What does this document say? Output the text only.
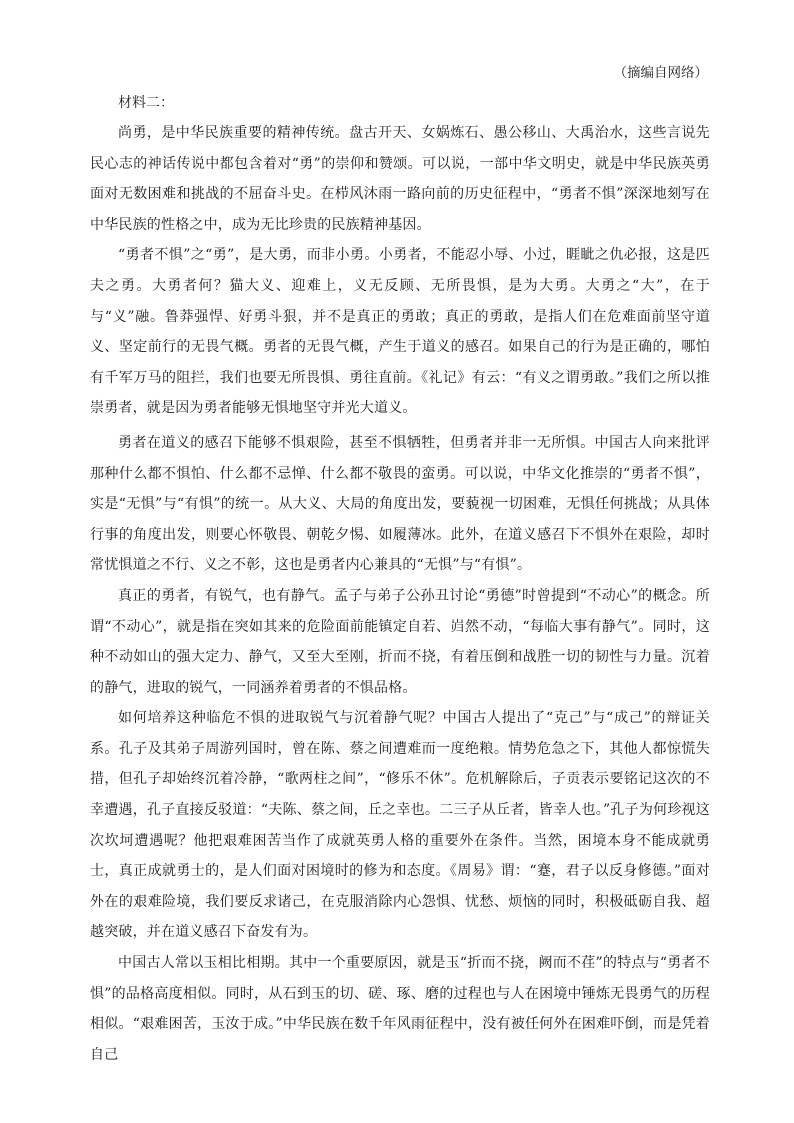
（摘编自网络）

材料二：

尚勇，是中华民族重要的精神传统。盘古开天、女娲炼石、愚公移山、大禹治水，这些言说先民心志的神话传说中都包含着对“勇”的崇仰和赞颂。可以说，一部中华文明史，就是中华民族英勇面对无数困难和挑战的不屈奋斗史。在栉风沐雨一路向前的历史征程中，“勇者不惧”深深地刻写在中华民族的性格之中，成为无比珍贵的民族精神基因。

“勇者不惧”之“勇”，是大勇，而非小勇。小勇者，不能忍小辱、小过，睚眦之仇必报，这是匹夫之勇。大勇者何？猫大义、迎难上，义无反顾、无所畏惧，是为大勇。大勇之“大”，在于与“义”融。鲁莽强悍、好勇斗狠，并不是真正的勇敢；真正的勇敢，是指人们在危难面前坚守道义、坚定前行的无畏气概。勇者的无畏气概，产生于道义的感召。如果自己的行为是正确的，哪怕有千军万马的阻拦，我们也要无所畏惧、勇往直前。《礼记》有云：“有义之谓勇敢。”我们之所以推崇勇者，就是因为勇者能够无惧地坚守并光大道义。

勇者在道义的感召下能够不惧艰险，甚至不惧牺牲，但勇者并非一无所惧。中国古人向来批评那种什么都不惧怕、什么都不忌惮、什么都不敬畏的蛮勇。可以说，中华文化推崇的“勇者不惧”，实是“无惧”与“有惧”的统一。从大义、大局的角度出发，要藐视一切困难，无惧任何挑战；从具体行事的角度出发，则要心怀敬畏、朝乾夕惕、如履薄冰。此外，在道义感召下不惧外在艰险，却时常忧惧道之不行、义之不彰，这也是勇者内心兼具的“无惧”与“有惧”。

真正的勇者，有锐气，也有静气。孟子与弟子公孙丑讨论“勇德”时曾提到“不动心”的概念。所谓“不动心”，就是指在突如其来的危险面前能镇定自若、岿然不动，“每临大事有静气”。同时，这种不动如山的强大定力、静气，又至大至刚，折而不挠，有着压倒和战胜一切的韧性与力量。沉着的静气，进取的锐气，一同涵养着勇者的不惧品格。

如何培养这种临危不惧的进取锐气与沉着静气呢？中国古人提出了“克己”与“成己”的辩证关系。孔子及其弟子周游列国时，曾在陈、蔡之间遭难而一度绝粮。情势危急之下，其他人都惊慌失措，但孔子却始终沉着冷静，“歌两柱之间”，“修乐不休”。危机解除后，子贡表示要铭记这次的不幸遭遇，孔子直接反驳道：“夫陈、蔡之间，丘之幸也。二三子从丘者，皆幸人也。”孔子为何珍视这次坎坷遭遇呢？他把艰难困苦当作了成就英勇人格的重要外在条件。当然，困境本身不能成就勇士，真正成就勇士的，是人们面对困境时的修为和态度。《周易》谓：“蹇，君子以反身修德。”面对外在的艰难险境，我们要反求诸己，在克服消除内心怨惧、忧愁、烦恼的同时，积极砥砺自我、超越突破，并在道义感召下奋发有为。

中国古人常以玉相比相期。其中一个重要原因，就是玉“折而不挠，阙而不荏”的特点与“勇者不惧”的品格高度相似。同时，从石到玉的切、磋、琢、磨的过程也与人在困境中锤炼无畏勇气的历程相似。“艰难困苦，玉汝于成。”中华民族在数千年风雨征程中，没有被任何外在困难吓倒，而是凭着自己
